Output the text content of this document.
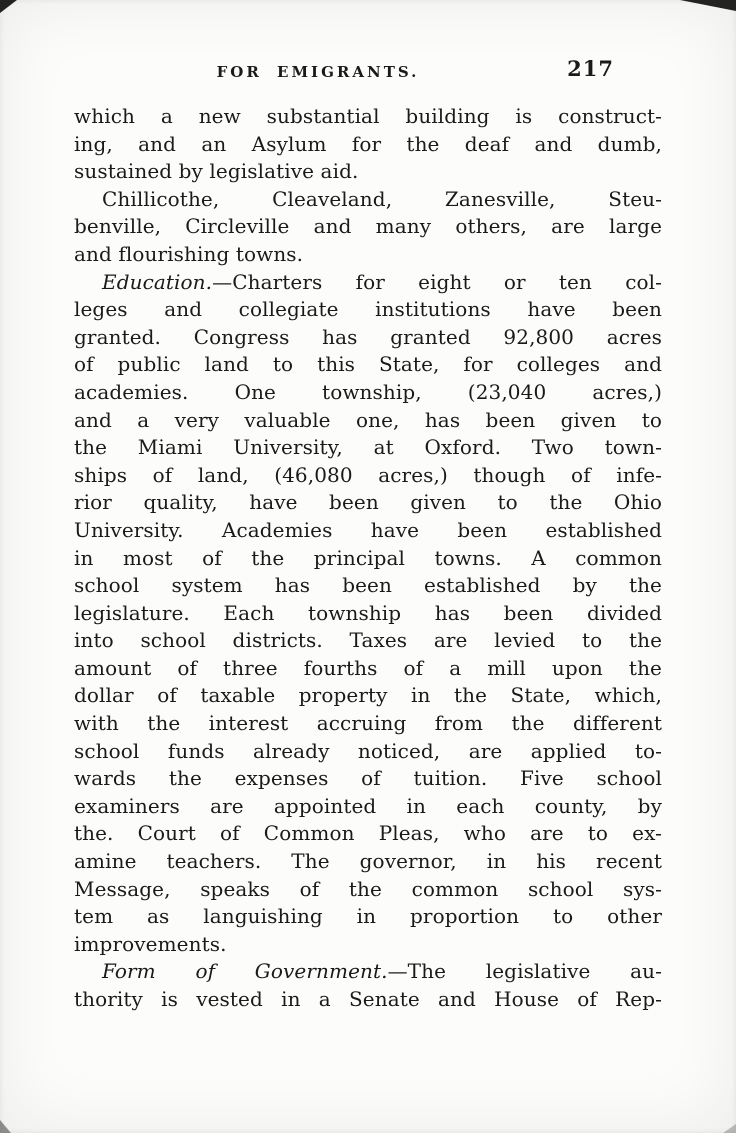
FOR EMIGRANTS.	217
which a new substantial building is construct-
ing, and an Asylum for the deaf and dumb,
sustained by legislative aid.
Chillicothe, Cleaveland, Zanesville, Steu-
benville, Circleville and many others, are large
and flourishing towns.
Education.—Charters for eight or ten col-
leges and collegiate institutions have been
granted. Congress has granted 92,800 acres
of public land to this State, for colleges and
academies. One township, (23,040 acres,)
and a very valuable one, has been given to
the Miami University, at Oxford. Two town-
ships of land, (46,080 acres,) though of infe-
rior quality, have been given to the Ohio
University. Academies have been established
in most of the principal towns. A common
school system has been established by the
legislature. Each township has been divided
into school districts. Taxes are levied to the
amount of three fourths of a mill upon the
dollar of taxable property in the State, which,
with the interest accruing from the different
school funds already noticed, are applied to-
wards the expenses of tuition. Five school
examiners are appointed in each county, by
the. Court of Common Pleas, who are to ex-
amine teachers. The governor, in his recent
Message, speaks of the common school sys-
tem as languishing in proportion to other
improvements.
Form of Government.—The legislative au-
thority is vested in a Senate and House of Rep-
